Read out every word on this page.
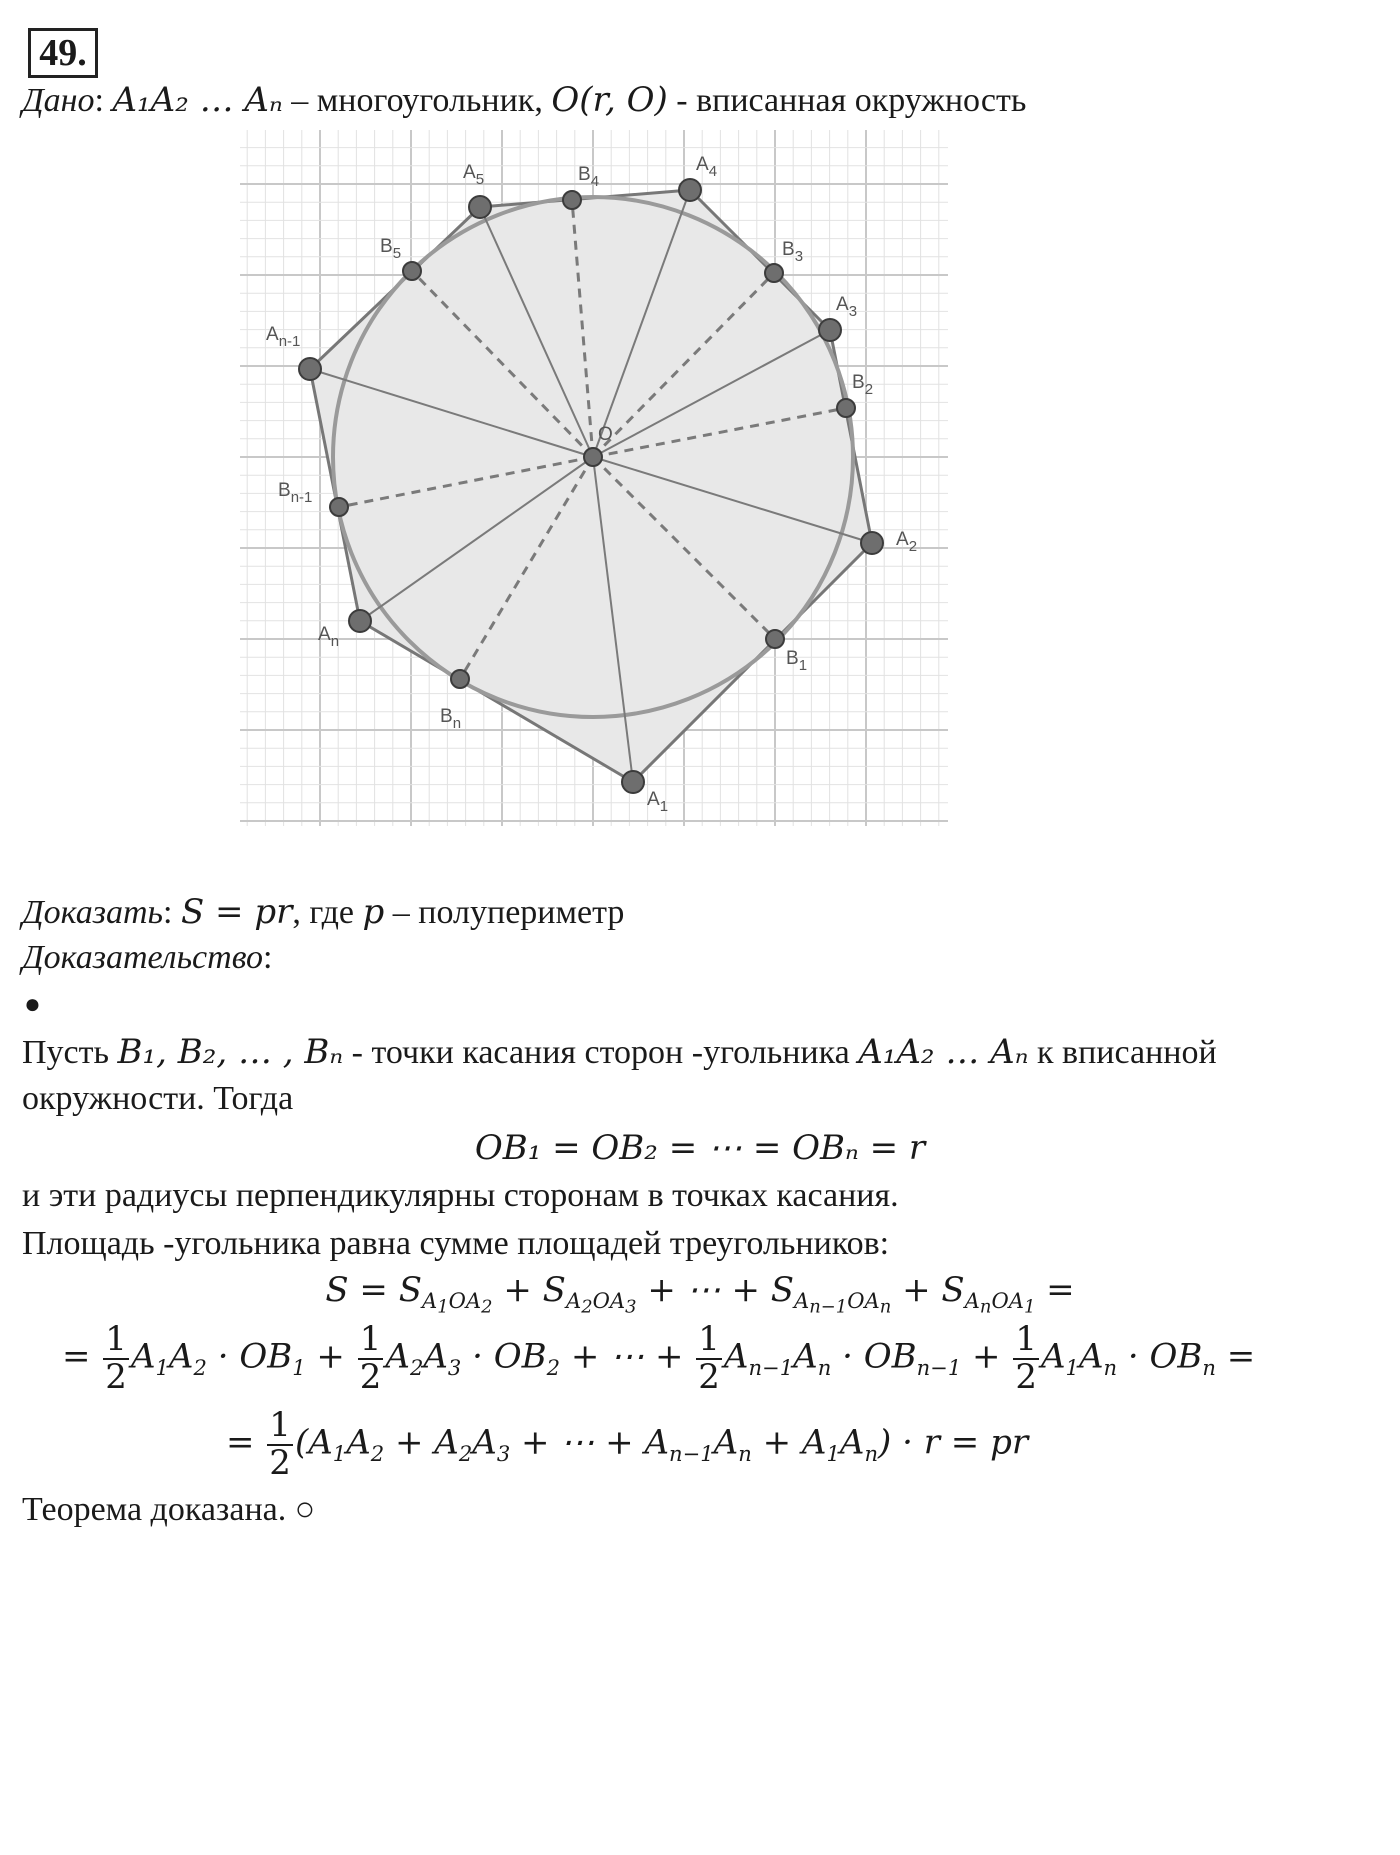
49.
Дано: A₁A₂ … Aₙ – многоугольник, O(r, O) - вписанная окружность
$A_1$
$A_2$
$A_3$
$A_4$
$A_5$
$A_{n-1}$
$A_n$
$B_1$
$B_2$
$B_3$
$B_4$
$B_5$
$B_{n-1}$
$B_n$
O
Доказать: S = pr, где p – полупериметр
Доказательство:
●
Пусть B₁, B₂, … , Bₙ - точки касания сторон -угольника A₁A₂ … Aₙ к вписанной
окружности. Тогда
OB₁ = OB₂ = ⋯ = OBₙ = r
и эти радиусы перпендикулярны сторонам в точках касания.
Площадь -угольника равна сумме площадей треугольников:
$S = S_{A_1OA_2} + S_{A_2OA_3}$ + ⋯ + $S_{A_{n-1}OA_n} + S_{A_nOA_1}$ =
= $\frac{1}{2} A_1A_2 \cdot OB_1 + \frac{1}{2} A_2A_3 \cdot OB_2$ + ⋯ + $\frac{1}{2} A_{n-1}A_n \cdot OB_{n-1} + \frac{1}{2} A_1A_n \cdot OB_n$ =
= $\frac{1}{2} (A_1A_2 + A_2A_3$ + ⋯ + $A_{n-1}A_n + A_1A_n) \cdot r$ = pr
Теорема доказана. ○
